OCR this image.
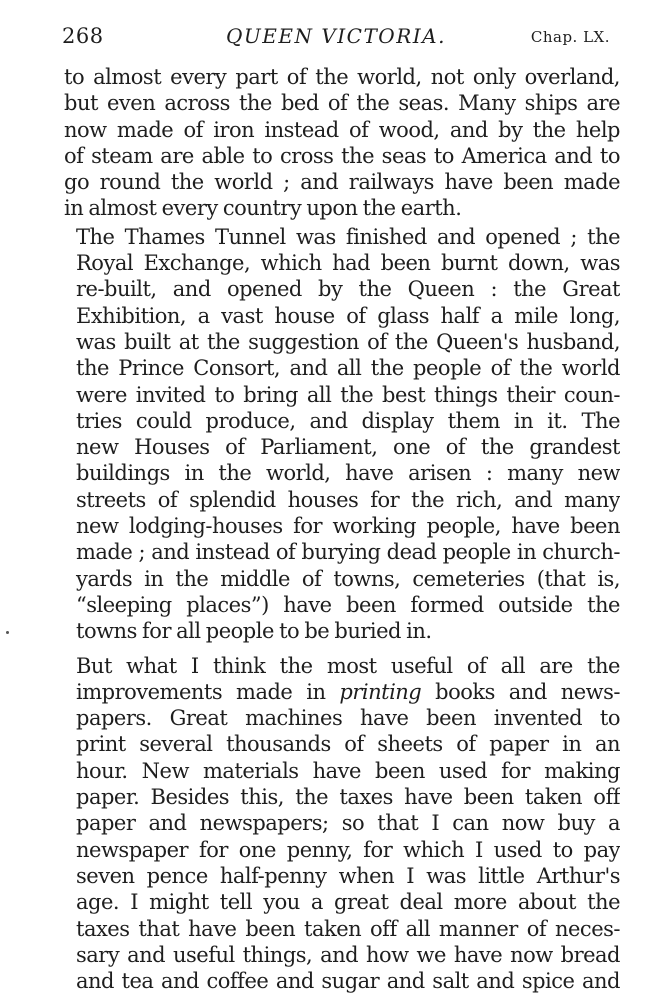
268	QUEEN VICTORIA.	Chap. LX.

to almost every part of the world, not only overland,
but even across the bed of the seas. Many ships are
now made of iron instead of wood, and by the help
of steam are able to cross the seas to America and to
go round the world ; and railways have been made
in almost every country upon the earth.

The Thames Tunnel was finished and opened ; the
Royal Exchange, which had been burnt down, was
re-built, and opened by the Queen : the Great
Exhibition, a vast house of glass half a mile long,
was built at the suggestion of the Queen's husband,
the Prince Consort, and all the people of the world
were invited to bring all the best things their coun-
tries could produce, and display them in it. The
new Houses of Parliament, one of the grandest
buildings in the world, have arisen : many new
streets of splendid houses for the rich, and many
new lodging-houses for working people, have been
made ; and instead of burying dead people in church-
yards in the middle of towns, cemeteries (that is,
“sleeping places”) have been formed outside the
towns for all people to be buried in.

But what I think the most useful of all are the
improvements made in printing books and news-
papers. Great machines have been invented to
print several thousands of sheets of paper in an
hour. New materials have been used for making
paper. Besides this, the taxes have been taken off
paper and newspapers; so that I can now buy a
newspaper for one penny, for which I used to pay
seven pence half-penny when I was little Arthur's
age. I might tell you a great deal more about the
taxes that have been taken off all manner of neces-
sary and useful things, and how we have now bread
and tea and coffee and sugar and salt and spice and
